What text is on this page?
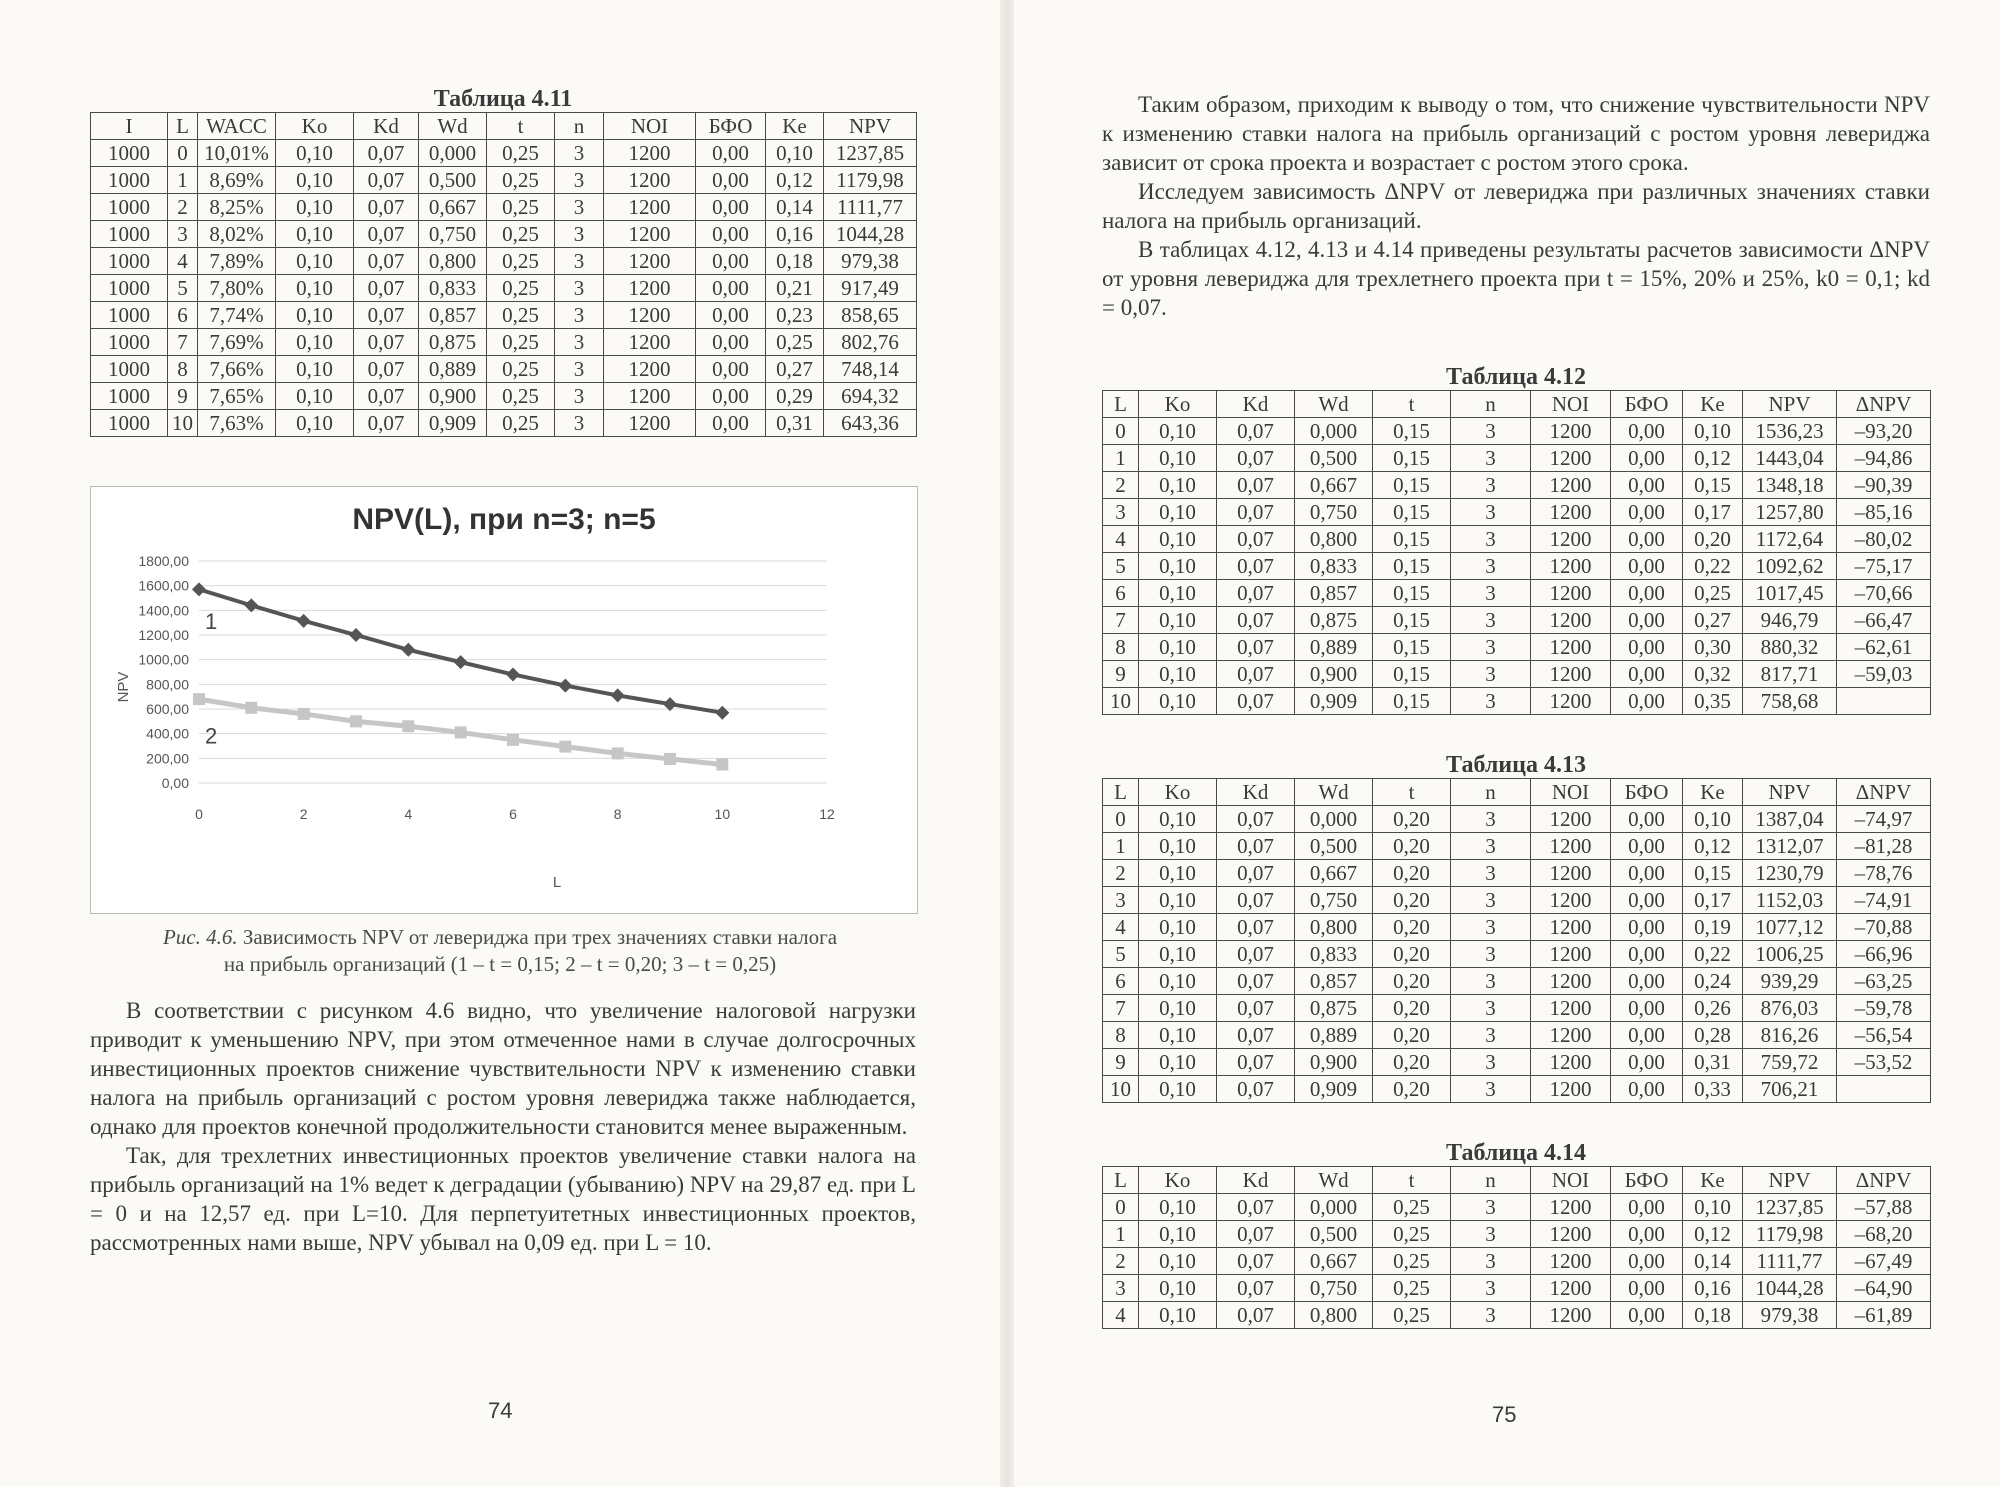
Таблица 4.11
I	L	WACC	Ko	Kd	Wd	t	n	NOI	БФО	Ke	NPV
1000	0	10,01%	0,10	0,07	0,000	0,25	3	1200	0,00	0,10	1237,85
1000	1	8,69%	0,10	0,07	0,500	0,25	3	1200	0,00	0,12	1179,98
1000	2	8,25%	0,10	0,07	0,667	0,25	3	1200	0,00	0,14	1111,77
1000	3	8,02%	0,10	0,07	0,750	0,25	3	1200	0,00	0,16	1044,28
1000	4	7,89%	0,10	0,07	0,800	0,25	3	1200	0,00	0,18	979,38
1000	5	7,80%	0,10	0,07	0,833	0,25	3	1200	0,00	0,21	917,49
1000	6	7,74%	0,10	0,07	0,857	0,25	3	1200	0,00	0,23	858,65
1000	7	7,69%	0,10	0,07	0,875	0,25	3	1200	0,00	0,25	802,76
1000	8	7,66%	0,10	0,07	0,889	0,25	3	1200	0,00	0,27	748,14
1000	9	7,65%	0,10	0,07	0,900	0,25	3	1200	0,00	0,29	694,32
1000	10	7,63%	0,10	0,07	0,909	0,25	3	1200	0,00	0,31	643,36
NPV(L), при n=3; n=5
0,00
200,00
400,00
600,00
800,00
1000,00
1200,00
1400,00
1600,00
1800,00
0	2	4	6	8	10	12
1
2
NPV
L
Рис. 4.6. Зависимость NPV от левериджа при трех значениях ставки налога
на прибыль организаций (1 – t = 0,15; 2 – t = 0,20; 3 – t = 0,25)

В соответствии с рисунком 4.6 видно, что увеличение налоговой нагрузки приводит к уменьшению NPV, при этом отмеченное нами в случае долгосрочных инвестиционных проектов снижение чувствительности NPV к изменению ставки налога на прибыль организаций с ростом уровня левериджа также наблюдается, однако для проектов конечной продолжительности становится менее выраженным.

Так, для трехлетних инвестиционных проектов увеличение ставки налога на прибыль организаций на 1% ведет к деградации (убыванию) NPV на 29,87 ед. при L = 0 и на 12,57 ед. при L=10. Для перпетуитетных инвестиционных проектов, рассмотренных нами выше, NPV убывал на 0,09 ед. при L = 10.

74

Таким образом, приходим к выводу о том, что снижение чувствительности NPV к изменению ставки налога на прибыль организаций с ростом уровня левериджа зависит от срока проекта и возрастает с ростом этого срока.

Исследуем зависимость ΔNPV от левериджа при различных значениях ставки налога на прибыль организаций.

В таблицах 4.12, 4.13 и 4.14 приведены результаты расчетов зависимости ΔNPV от уровня левериджа для трехлетнего проекта при t = 15%, 20% и 25%, k0 = 0,1; kd = 0,07.

Таблица 4.12
L	Ko	Kd	Wd	t	n	NOI	БФО	Ke	NPV	ΔNPV
0	0,10	0,07	0,000	0,15	3	1200	0,00	0,10	1536,23	–93,20
1	0,10	0,07	0,500	0,15	3	1200	0,00	0,12	1443,04	–94,86
2	0,10	0,07	0,667	0,15	3	1200	0,00	0,15	1348,18	–90,39
3	0,10	0,07	0,750	0,15	3	1200	0,00	0,17	1257,80	–85,16
4	0,10	0,07	0,800	0,15	3	1200	0,00	0,20	1172,64	–80,02
5	0,10	0,07	0,833	0,15	3	1200	0,00	0,22	1092,62	–75,17
6	0,10	0,07	0,857	0,15	3	1200	0,00	0,25	1017,45	–70,66
7	0,10	0,07	0,875	0,15	3	1200	0,00	0,27	946,79	–66,47
8	0,10	0,07	0,889	0,15	3	1200	0,00	0,30	880,32	–62,61
9	0,10	0,07	0,900	0,15	3	1200	0,00	0,32	817,71	–59,03
10	0,10	0,07	0,909	0,15	3	1200	0,00	0,35	758,68	
Таблица 4.13
L	Ko	Kd	Wd	t	n	NOI	БФО	Ke	NPV	ΔNPV
0	0,10	0,07	0,000	0,20	3	1200	0,00	0,10	1387,04	–74,97
1	0,10	0,07	0,500	0,20	3	1200	0,00	0,12	1312,07	–81,28
2	0,10	0,07	0,667	0,20	3	1200	0,00	0,15	1230,79	–78,76
3	0,10	0,07	0,750	0,20	3	1200	0,00	0,17	1152,03	–74,91
4	0,10	0,07	0,800	0,20	3	1200	0,00	0,19	1077,12	–70,88
5	0,10	0,07	0,833	0,20	3	1200	0,00	0,22	1006,25	–66,96
6	0,10	0,07	0,857	0,20	3	1200	0,00	0,24	939,29	–63,25
7	0,10	0,07	0,875	0,20	3	1200	0,00	0,26	876,03	–59,78
8	0,10	0,07	0,889	0,20	3	1200	0,00	0,28	816,26	–56,54
9	0,10	0,07	0,900	0,20	3	1200	0,00	0,31	759,72	–53,52
10	0,10	0,07	0,909	0,20	3	1200	0,00	0,33	706,21	
Таблица 4.14
L	Ko	Kd	Wd	t	n	NOI	БФО	Ke	NPV	ΔNPV
0	0,10	0,07	0,000	0,25	3	1200	0,00	0,10	1237,85	–57,88
1	0,10	0,07	0,500	0,25	3	1200	0,00	0,12	1179,98	–68,20
2	0,10	0,07	0,667	0,25	3	1200	0,00	0,14	1111,77	–67,49
3	0,10	0,07	0,750	0,25	3	1200	0,00	0,16	1044,28	–64,90
4	0,10	0,07	0,800	0,25	3	1200	0,00	0,18	979,38	–61,89
75
